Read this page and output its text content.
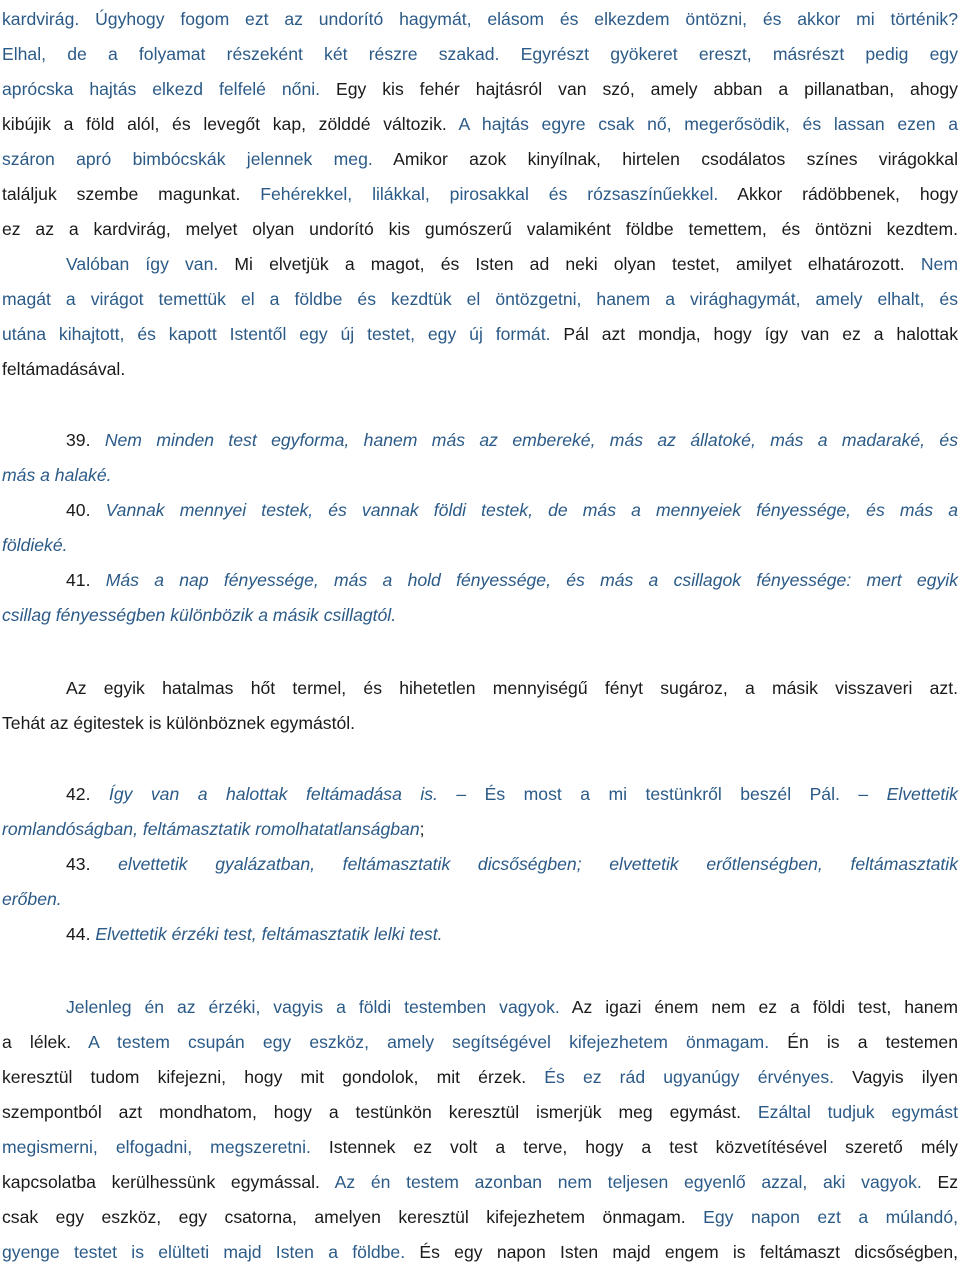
kardvirág. Úgyhogy fogom ezt az undorító hagymát, elásom és elkezdem öntözni, és akkor mi történik?
Elhal, de a folyamat részeként két részre szakad. Egyrészt gyökeret ereszt, másrészt pedig egy
aprócska hajtás elkezd felfelé nőni. Egy kis fehér hajtásról van szó, amely abban a pillanatban, ahogy
kibújik a föld alól, és levegőt kap, zölddé változik. A hajtás egyre csak nő, megerősödik, és lassan ezen a
száron apró bimbócskák jelennek meg. Amikor azok kinyílnak, hirtelen csodálatos színes virágokkal
találjuk szembe magunkat. Fehérekkel, lilákkal, pirosakkal és rózsaszínűekkel. Akkor rádöbbenek, hogy
ez az a kardvirág, melyet olyan undorító kis gumószerű valamiként földbe temettem, és öntözni kezdtem.
Valóban így van. Mi elvetjük a magot, és Isten ad neki olyan testet, amilyet elhatározott. Nem
magát a virágot temettük el a földbe és kezdtük el öntözgetni, hanem a virághagymát, amely elhalt, és
utána kihajtott, és kapott Istentől egy új testet, egy új formát. Pál azt mondja, hogy így van ez a halottak
feltámadásával.
39. Nem minden test egyforma, hanem más az embereké, más az állatoké, más a madaraké, és
más a halaké.
40. Vannak mennyei testek, és vannak földi testek, de más a mennyeiek fényessége, és más a
földieké.
41. Más a nap fényessége, más a hold fényessége, és más a csillagok fényessége: mert egyik
csillag fényességben különbözik a másik csillagtól.
Az egyik hatalmas hőt termel, és hihetetlen mennyiségű fényt sugároz, a másik visszaveri azt.
Tehát az égitestek is különböznek egymástól.
42. Így van a halottak feltámadása is. – És most a mi testünkről beszél Pál. – Elvettetik
romlandóságban, feltámasztatik romolhatatlanságban;
43. elvettetik gyalázatban, feltámasztatik dicsőségben; elvettetik erőtlenségben, feltámasztatik
erőben.
44. Elvettetik érzéki test, feltámasztatik lelki test.
Jelenleg én az érzéki, vagyis a földi testemben vagyok. Az igazi énem nem ez a földi test, hanem
a lélek. A testem csupán egy eszköz, amely segítségével kifejezhetem önmagam. Én is a testemen
keresztül tudom kifejezni, hogy mit gondolok, mit érzek. És ez rád ugyanúgy érvényes. Vagyis ilyen
szempontból azt mondhatom, hogy a testünkön keresztül ismerjük meg egymást. Ezáltal tudjuk egymást
megismerni, elfogadni, megszeretni. Istennek ez volt a terve, hogy a test közvetítésével szerető mély
kapcsolatba kerülhessünk egymással. Az én testem azonban nem teljesen egyenlő azzal, aki vagyok. Ez
csak egy eszköz, egy csatorna, amelyen keresztül kifejezhetem önmagam. Egy napon ezt a múlandó,
gyenge testet is elülteti majd Isten a földbe. És egy napon Isten majd engem is feltámaszt dicsőségben,
